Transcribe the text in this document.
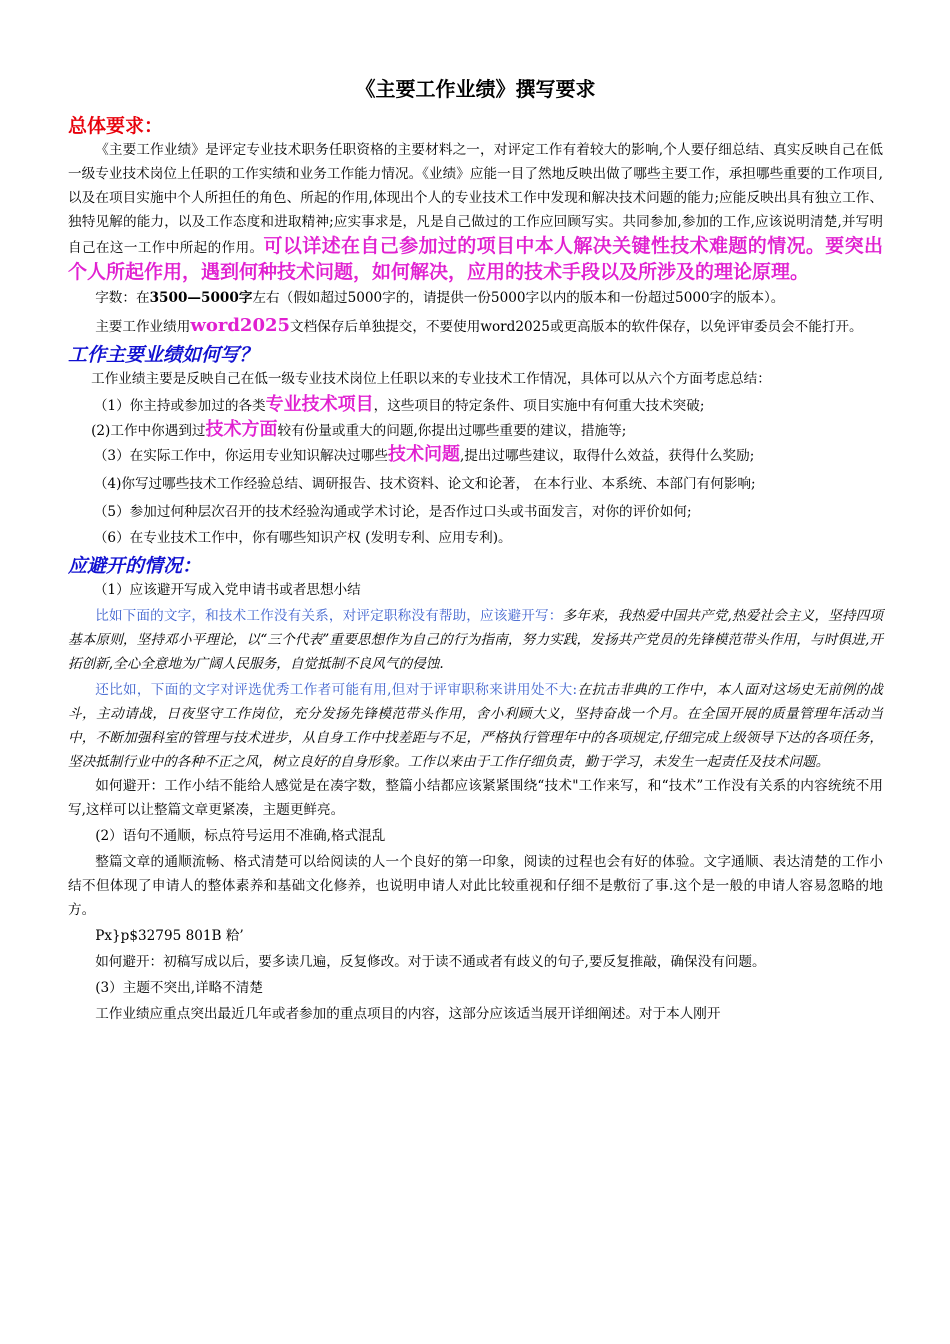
《主要工作业绩》撰写要求
总体要求：

《主要工作业绩》是评定专业技术职务任职资格的主要材料之一，对评定工作有着较大的影响,个人要仔细总结、真实反映自己在低一级专业技术岗位上任职的工作实绩和业务工作能力情况。《业绩》应能一目了然地反映出做了哪些主要工作，承担哪些重要的工作项目,以及在项目实施中个人所担任的角色、所起的作用,体现出个人的专业技术工作中发现和解决技术问题的能力;应能反映出具有独立工作、独特见解的能力，以及工作态度和进取精神;应实事求是，凡是自己做过的工作应回顾写实。共同参加,参加的工作,应该说明清楚,并写明自己在这一工作中所起的作用。可以详述在自己参加过的项目中本人解决关键性技术难题的情况。要突出个人所起作用，遇到何种技术问题，如何解决，应用的技术手段以及所涉及的理论原理。

字数：在3500—5000字左右（假如超过5000字的，请提供一份5000字以内的版本和一份超过5000字的版本）。

主要工作业绩用word2025文档保存后单独提交，不要使用word2025或更高版本的软件保存，以免评审委员会不能打开。

工作主要业绩如何写？

工作业绩主要是反映自己在低一级专业技术岗位上任职以来的专业技术工作情况，具体可以从六个方面考虑总结：

（1）你主持或参加过的各类专业技术项目，这些项目的特定条件、项目实施中有何重大技术突破;

(2)工作中你遇到过技术方面较有份量或重大的问题,你提出过哪些重要的建议，措施等;

（3）在实际工作中，你运用专业知识解决过哪些技术问题,提出过哪些建议，取得什么效益，获得什么奖励;

（4)你写过哪些技术工作经验总结、调研报告、技术资料、论文和论著， 在本行业、本系统、本部门有何影响;

（5）参加过何种层次召开的技术经验沟通或学术讨论，是否作过口头或书面发言，对你的评价如何;

（6）在专业技术工作中，你有哪些知识产权 (发明专利、应用专利)。

应避开的情况：

（1）应该避开写成入党申请书或者思想小结

比如下面的文字，和技术工作没有关系，对评定职称没有帮助，应该避开写：多年来，我热爱中国共产党,热爱社会主义，坚持四项基本原则，坚持邓小平理论，以“三个代表”重要思想作为自己的行为指南，努力实践，发扬共产党员的先锋模范带头作用，与时俱进,开拓创新,全心全意地为广阔人民服务，自觉抵制不良风气的侵蚀.

还比如，下面的文字对评选优秀工作者可能有用,但对于评审职称来讲用处不大:在抗击非典的工作中，本人面对这场史无前例的战斗，主动请战，日夜坚守工作岗位，充分发扬先锋模范带头作用，舍小利顾大义，坚持奋战一个月。在全国开展的质量管理年活动当中，不断加强科室的管理与技术进步，从自身工作中找差距与不足，严格执行管理年中的各项规定,仔细完成上级领导下达的各项任务，坚决抵制行业中的各种不正之风，树立良好的自身形象。工作以来由于工作仔细负责，勤于学习，未发生一起责任及技术问题。

如何避开：工作小结不能给人感觉是在凑字数，整篇小结都应该紧紧围绕“技术"工作来写，和“技术”工作没有关系的内容统统不用写,这样可以让整篇文章更紧凑，主题更鲜亮。

(2）语句不通顺，标点符号运用不准确,格式混乱

整篇文章的通顺流畅、格式清楚可以给阅读的人一个良好的第一印象，阅读的过程也会有好的体验。文字通顺、表达清楚的工作小结不但体现了申请人的整体素养和基础文化修养，也说明申请人对此比较重视和仔细不是敷衍了事.这个是一般的申请人容易忽略的地方。

Px}p$32795 801B 粭’

如何避开：初稿写成以后，要多读几遍，反复修改。对于读不通或者有歧义的句子,要反复推敲，确保没有问题。

(3）主题不突出,详略不清楚

工作业绩应重点突出最近几年或者参加的重点项目的内容，这部分应该适当展开详细阐述。对于本人刚开
